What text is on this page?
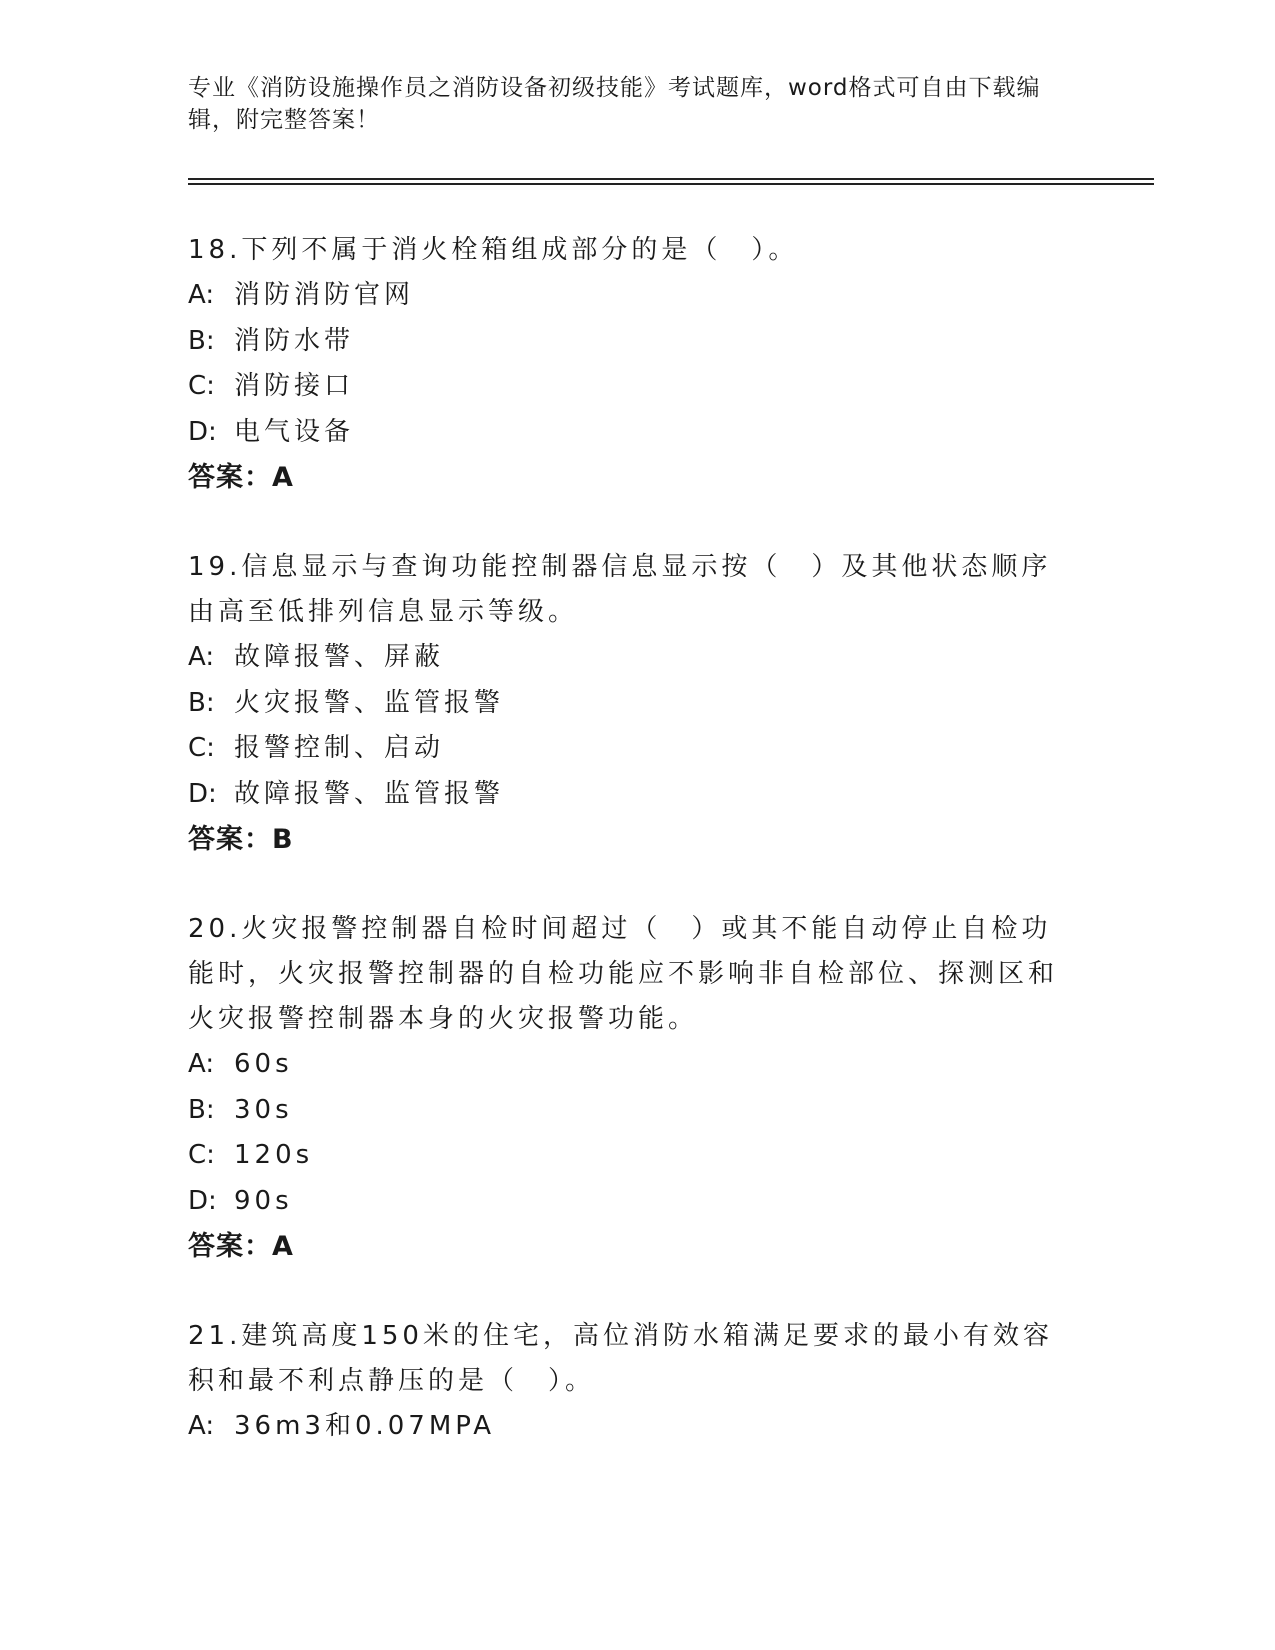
专业《消防设施操作员之消防设备初级技能》考试题库，word格式可自由下载编辑，附完整答案！
18.下列不属于消火栓箱组成部分的是（　）。
A: 消防消防官网
B: 消防水带
C: 消防接口
D: 电气设备
答案：A
19.信息显示与查询功能控制器信息显示按（　）及其他状态顺序由高至低排列信息显示等级。
A: 故障报警、屏蔽
B: 火灾报警、监管报警
C: 报警控制、启动
D: 故障报警、监管报警
答案：B
20.火灾报警控制器自检时间超过（　）或其不能自动停止自检功能时，火灾报警控制器的自检功能应不影响非自检部位、探测区和火灾报警控制器本身的火灾报警功能。
A: 60s
B: 30s
C: 120s
D: 90s
答案：A
21.建筑高度150米的住宅，高位消防水箱满足要求的最小有效容积和最不利点静压的是（　）。
A: 36m3和0.07MPA
